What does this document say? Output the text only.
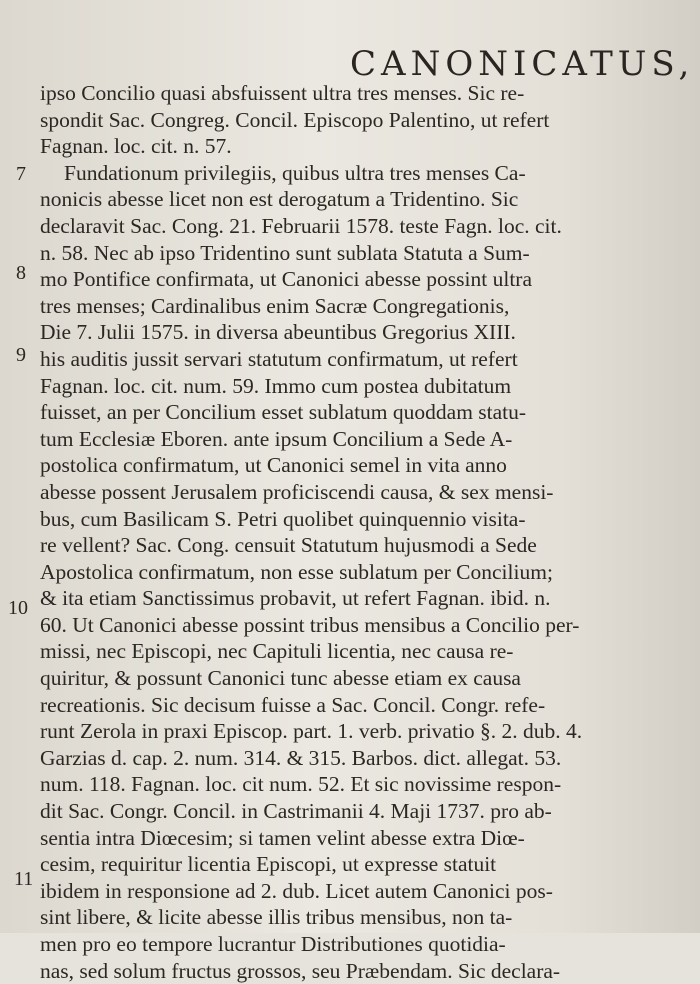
CANONICATUS,
7
8
9
10
11
ipso Concilio quasi absfuissent ultra tres menses. Sic re-
spondit Sac. Congreg. Concil. Episcopo Palentino, ut refert
Fagnan. loc. cit. n. 57.
Fundationum privilegiis, quibus ultra tres menses Ca-
nonicis abesse licet non est derogatum a Tridentino. Sic
declaravit Sac. Cong. 21. Februarii 1578. teste Fagn. loc. cit.
n. 58. Nec ab ipso Tridentino sunt sublata Statuta a Sum-
mo Pontifice confirmata, ut Canonici abesse possint ultra
tres menses; Cardinalibus enim Sacræ Congregationis,
Die 7. Julii 1575. in diversa abeuntibus Gregorius XIII.
his auditis jussit servari statutum confirmatum, ut refert
Fagnan. loc. cit. num. 59. Immo cum postea dubitatum
fuisset, an per Concilium esset sublatum quoddam statu-
tum Ecclesiæ Eboren. ante ipsum Concilium a Sede A-
postolica confirmatum, ut Canonici semel in vita anno
abesse possent Jerusalem proficiscendi causa, & sex mensi-
bus, cum Basilicam S. Petri quolibet quinquennio visita-
re vellent? Sac. Cong. censuit Statutum hujusmodi a Sede
Apostolica confirmatum, non esse sublatum per Concilium;
& ita etiam Sanctissimus probavit, ut refert Fagnan. ibid. n.
60. Ut Canonici abesse possint tribus mensibus a Concilio per-
missi, nec Episcopi, nec Capituli licentia, nec causa re-
quiritur, & possunt Canonici tunc abesse etiam ex causa
recreationis. Sic decisum fuisse a Sac. Concil. Congr. refe-
runt Zerola in praxi Episcop. part. 1. verb. privatio §. 2. dub. 4.
Garzias d. cap. 2. num. 314. & 315. Barbos. dict. allegat. 53.
num. 118. Fagnan. loc. cit num. 52. Et sic novissime respon-
dit Sac. Congr. Concil. in Castrimanii 4. Maji 1737. pro ab-
sentia intra Diœcesim; si tamen velint abesse extra Diœ-
cesim, requiritur licentia Episcopi, ut expresse statuit
ibidem in responsione ad 2. dub. Licet autem Canonici pos-
sint libere, & licite abesse illis tribus mensibus, non ta-
men pro eo tempore lucrantur Distributiones quotidia-
nas, sed solum fructus grossos, seu Præbendam. Sic declara-
